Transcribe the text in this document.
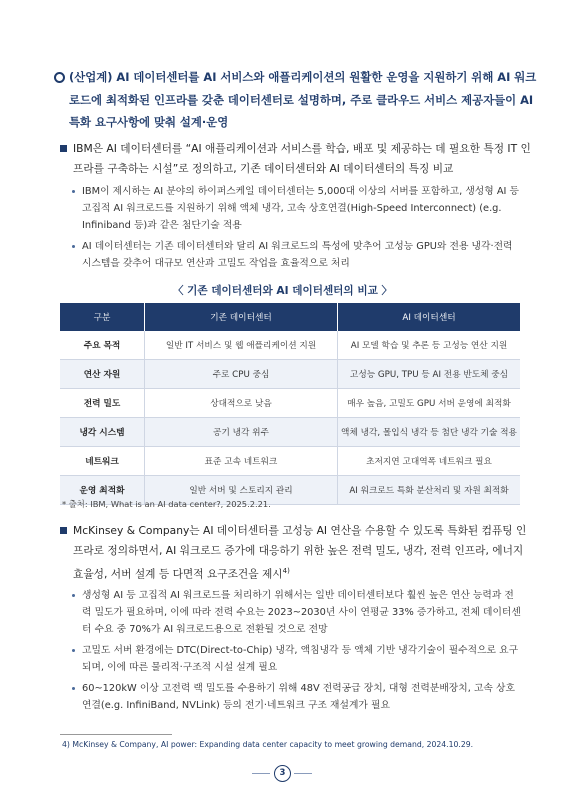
(산업계) AI 데이터센터를 AI 서비스와 애플리케이션의 원활한 운영을 지원하기 위해 AI 워크로드에 최적화된 인프라를 갖춘 데이터센터로 설명하며, 주로 클라우드 서비스 제공자들이 AI 특화 요구사항에 맞춰 설계·운영
IBM은 AI 데이터센터를 “AI 애플리케이션과 서비스를 학습, 배포 및 제공하는 데 필요한 특정 IT 인프라를 구축하는 시설”로 정의하고, 기존 데이터센터와 AI 데이터센터의 특징 비교
IBM이 제시하는 AI 분야의 하이퍼스케일 데이터센터는 5,000대 이상의 서버를 포함하고, 생성형 AI 등 고집적 AI 워크로드를 지원하기 위해 액체 냉각, 고속 상호연결(High-Speed Interconnect) (e.g. Infiniband 등)과 같은 첨단기술 적용
AI 데이터센터는 기존 데이터센터와 달리 AI 워크로드의 특성에 맞추어 고성능 GPU와 전용 냉각·전력 시스템을 갖추어 대규모 연산과 고밀도 작업을 효율적으로 처리
〈 기존 데이터센터와 AI 데이터센터의 비교 〉
구분	기존 데이터센터	AI 데이터센터
주요 목적	일반 IT 서비스 및 웹 애플리케이션 지원	AI 모델 학습 및 추론 등 고성능 연산 지원
연산 자원	주로 CPU 중심	고성능 GPU, TPU 등 AI 전용 반도체 중심
전력 밀도	상대적으로 낮음	매우 높음, 고밀도 GPU 서버 운영에 최적화
냉각 시스템	공기 냉각 위주	액체 냉각, 몰입식 냉각 등 첨단 냉각 기술 적용
네트워크	표준 고속 네트워크	초저지연 고대역폭 네트워크 필요
운영 최적화	일반 서버 및 스토리지 관리	AI 워크로드 특화 분산처리 및 자원 최적화
* 출처: IBM, What is an AI data center?, 2025.2.21.
McKinsey & Company는 AI 데이터센터를 고성능 AI 연산을 수용할 수 있도록 특화된 컴퓨팅 인프라로 정의하면서, AI 워크로드 증가에 대응하기 위한 높은 전력 밀도, 냉각, 전력 인프라, 에너지 효율성, 서버 설계 등 다면적 요구조건을 제시$^{4)}$
생성형 AI 등 고집적 AI 워크로드를 처리하기 위해서는 일반 데이터센터보다 훨씬 높은 연산 능력과 전력 밀도가 필요하며, 이에 따라 전력 수요는 2023~2030년 사이 연평균 33% 증가하고, 전체 데이터센터 수요 중 70%가 AI 워크로드용으로 전환될 것으로 전망
고밀도 서버 환경에는 DTC(Direct-to-Chip) 냉각, 액침냉각 등 액체 기반 냉각기술이 필수적으로 요구되며, 이에 따른 물리적·구조적 시설 설계 필요
60~120kW 이상 고전력 랙 밀도를 수용하기 위해 48V 전력공급 장치, 대형 전력분배장치, 고속 상호연결(e.g. InfiniBand, NVLink) 등의 전기·네트워크 구조 재설계가 필요
4) McKinsey & Company, AI power: Expanding data center capacity to meet growing demand, 2024.10.29.
3
